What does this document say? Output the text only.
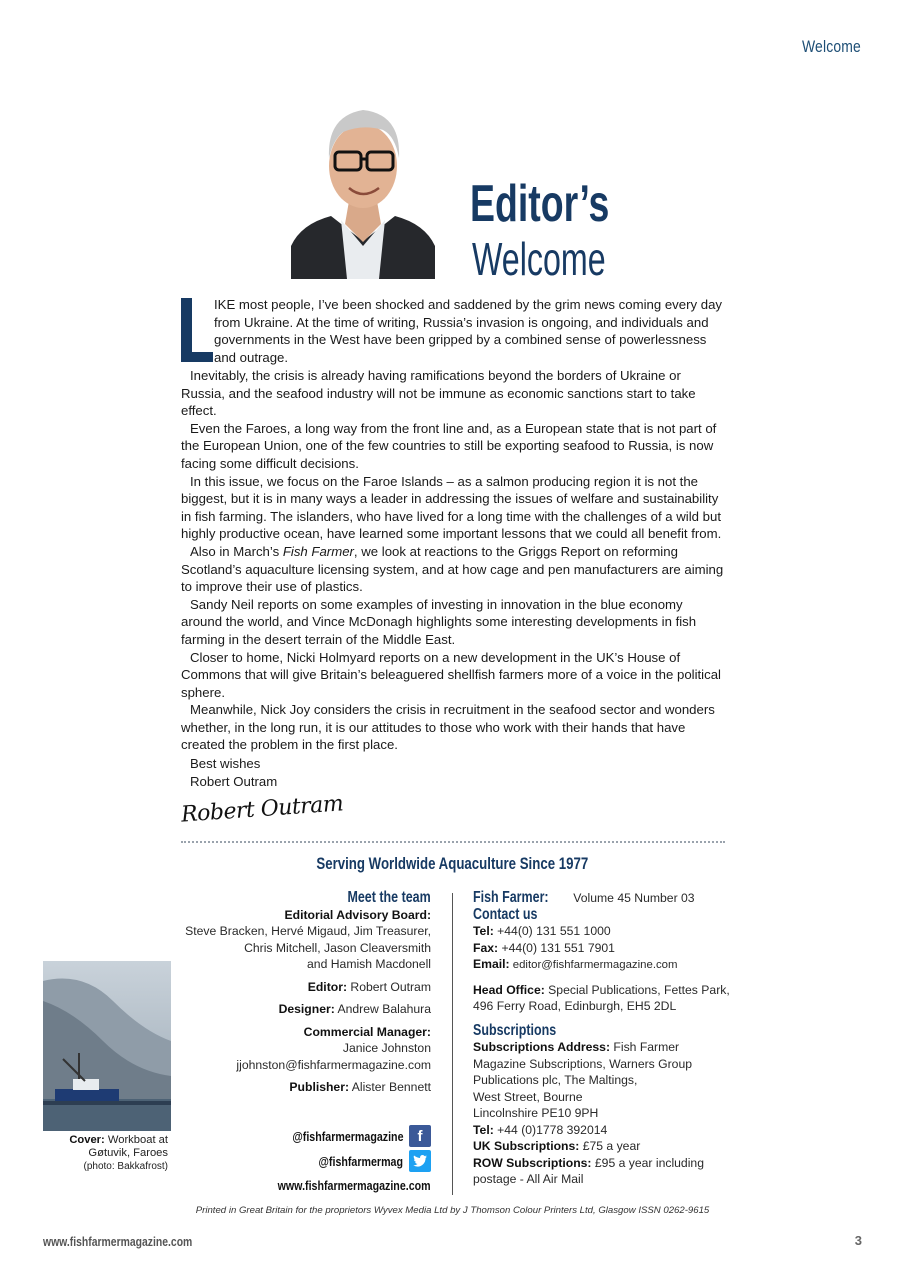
Welcome
Editor’s
Welcome
IKE most people, I’ve been shocked and saddened by the grim news coming every day from Ukraine. At the time of writing, Russia’s invasion is ongoing, and individuals and governments in the West have been gripped by a combined sense of powerlessness and outrage.

Inevitably, the crisis is already having ramifications beyond the borders of Ukraine or Russia, and the seafood industry will not be immune as economic sanctions start to take effect.

Even the Faroes, a long way from the front line and, as a European state that is not part of the European Union, one of the few countries to still be exporting seafood to Russia, is now facing some difficult decisions.

In this issue, we focus on the Faroe Islands – as a salmon producing region it is not the biggest, but it is in many ways a leader in addressing the issues of welfare and sustainability in fish farming. The islanders, who have lived for a long time with the challenges of a wild but highly productive ocean, have learned some important lessons that we could all benefit from.

Also in March’s Fish Farmer, we look at reactions to the Griggs Report on reforming Scotland’s aquaculture licensing system, and at how cage and pen manufacturers are aiming to improve their use of plastics.

Sandy Neil reports on some examples of investing in innovation in the blue economy around the world, and Vince McDonagh highlights some interesting developments in fish farming in the desert terrain of the Middle East.

Closer to home, Nicki Holmyard reports on a new development in the UK’s House of Commons that will give Britain’s beleaguered shellfish farmers more of a voice in the political sphere.

Meanwhile, Nick Joy considers the crisis in recruitment in the seafood sector and wonders whether, in the long run, it is our attitudes to those who work with their hands that have created the problem in the first place.

Best wishes
Robert Outram
Robert Outram
Serving Worldwide Aquaculture Since 1977
Meet the team
Editorial Advisory Board:
Steve Bracken, Hervé Migaud, Jim Treasurer,
Chris Mitchell, Jason Cleaversmith
and Hamish Macdonell
Editor: Robert Outram
Designer: Andrew Balahura
Commercial Manager:
Janice Johnston
jjohnston@fishfarmermagazine.com
Publisher: Alister Bennett
@fishfarmermagazine f
@fishfarmermag
www.fishfarmermagazine.com
Fish Farmer: Volume 45 Number 03
Contact us
Tel: +44(0) 131 551 1000
Fax: +44(0) 131 551 7901
Email: editor@fishfarmermagazine.com
Head Office: Special Publications, Fettes Park,
496 Ferry Road, Edinburgh, EH5 2DL
Subscriptions
Subscriptions Address: Fish Farmer
Magazine Subscriptions, Warners Group
Publications plc, The Maltings,
West Street, Bourne
Lincolnshire PE10 9PH
Tel: +44 (0)1778 392014
UK Subscriptions: £75 a year
ROW Subscriptions: £95 a year including
postage - All Air Mail
Cover: Workboat at
Gøtuvik, Faroes
(photo: Bakkafrost)
Printed in Great Britain for the proprietors Wyvex Media Ltd by J Thomson Colour Printers Ltd, Glasgow ISSN 0262-9615
www.fishfarmermagazine.com	3
